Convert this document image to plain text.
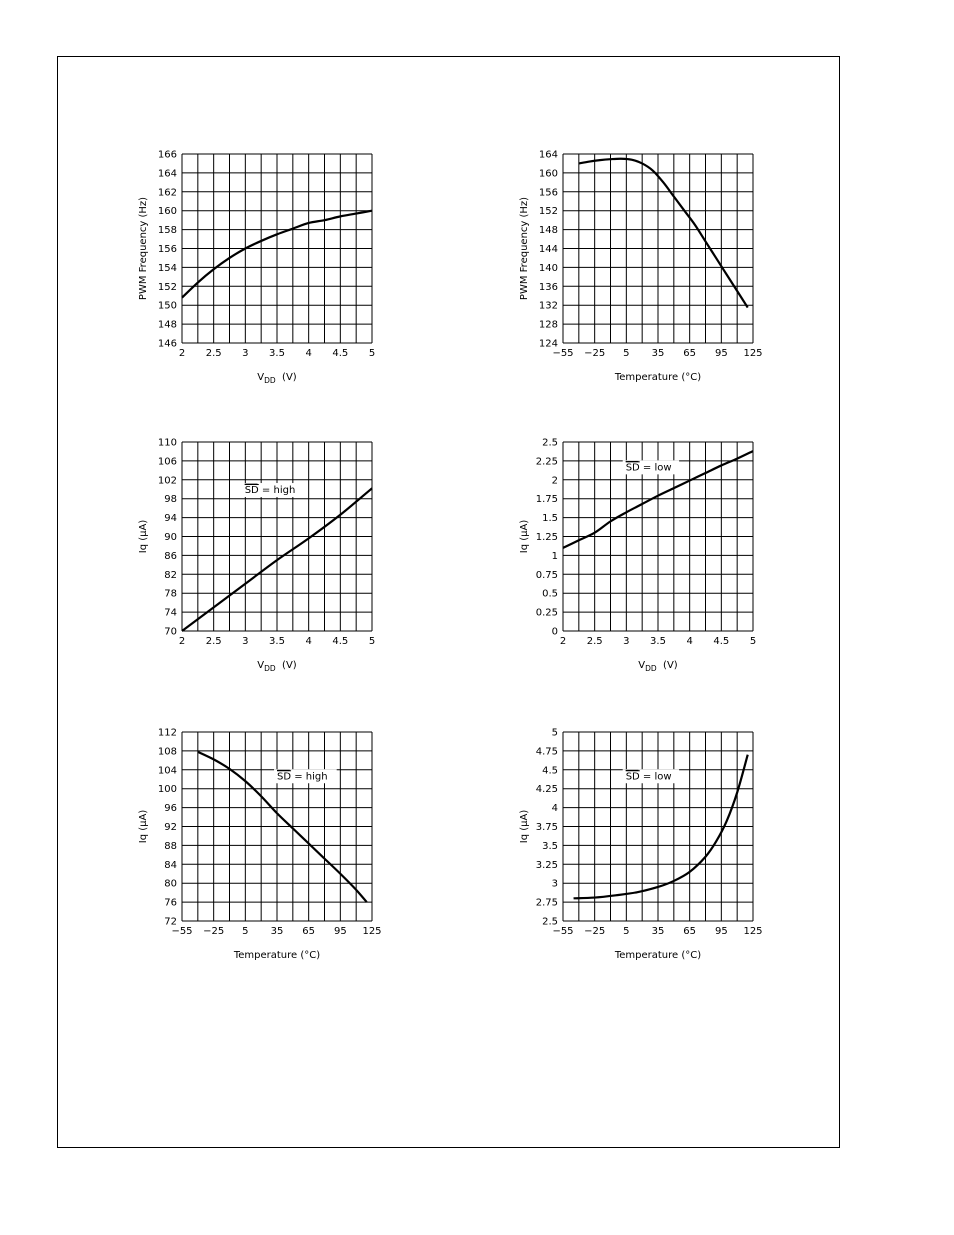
146
148
150
152
154
156
158
160
162
164
166
2 2.5 3 3.5 4 4.5 5
$V_{DD}$  (V)
PWM Frequency (Hz)
124
128
132
136
140
144
148
152
156
160
164
−55 −25 5 35 65 95 125
Temperature (°C)
PWM Frequency (Hz)
70
74
78
82
86
90
94
98
102
106
110
2 2.5 3 3.5 4 4.5 5
$V_{DD}$  (V)
Iq (µA)
SD = high
0
0.25
0.5
0.75
1
1.25
1.5
1.75
2
2.25
2.5
2 2.5 3 3.5 4 4.5 5
$V_{DD}$  (V)
Iq (µA)
SD = low
72
76
80
84
88
92
96
100
104
108
112
−55 −25 5 35 65 95 125
Temperature (°C)
Iq (µA)
SD = high
2.5
2.75
3
3.25
3.5
3.75
4
4.25
4.5
4.75
5
−55 −25 5 35 65 95 125
Temperature (°C)
Iq (µA)
SD = low
